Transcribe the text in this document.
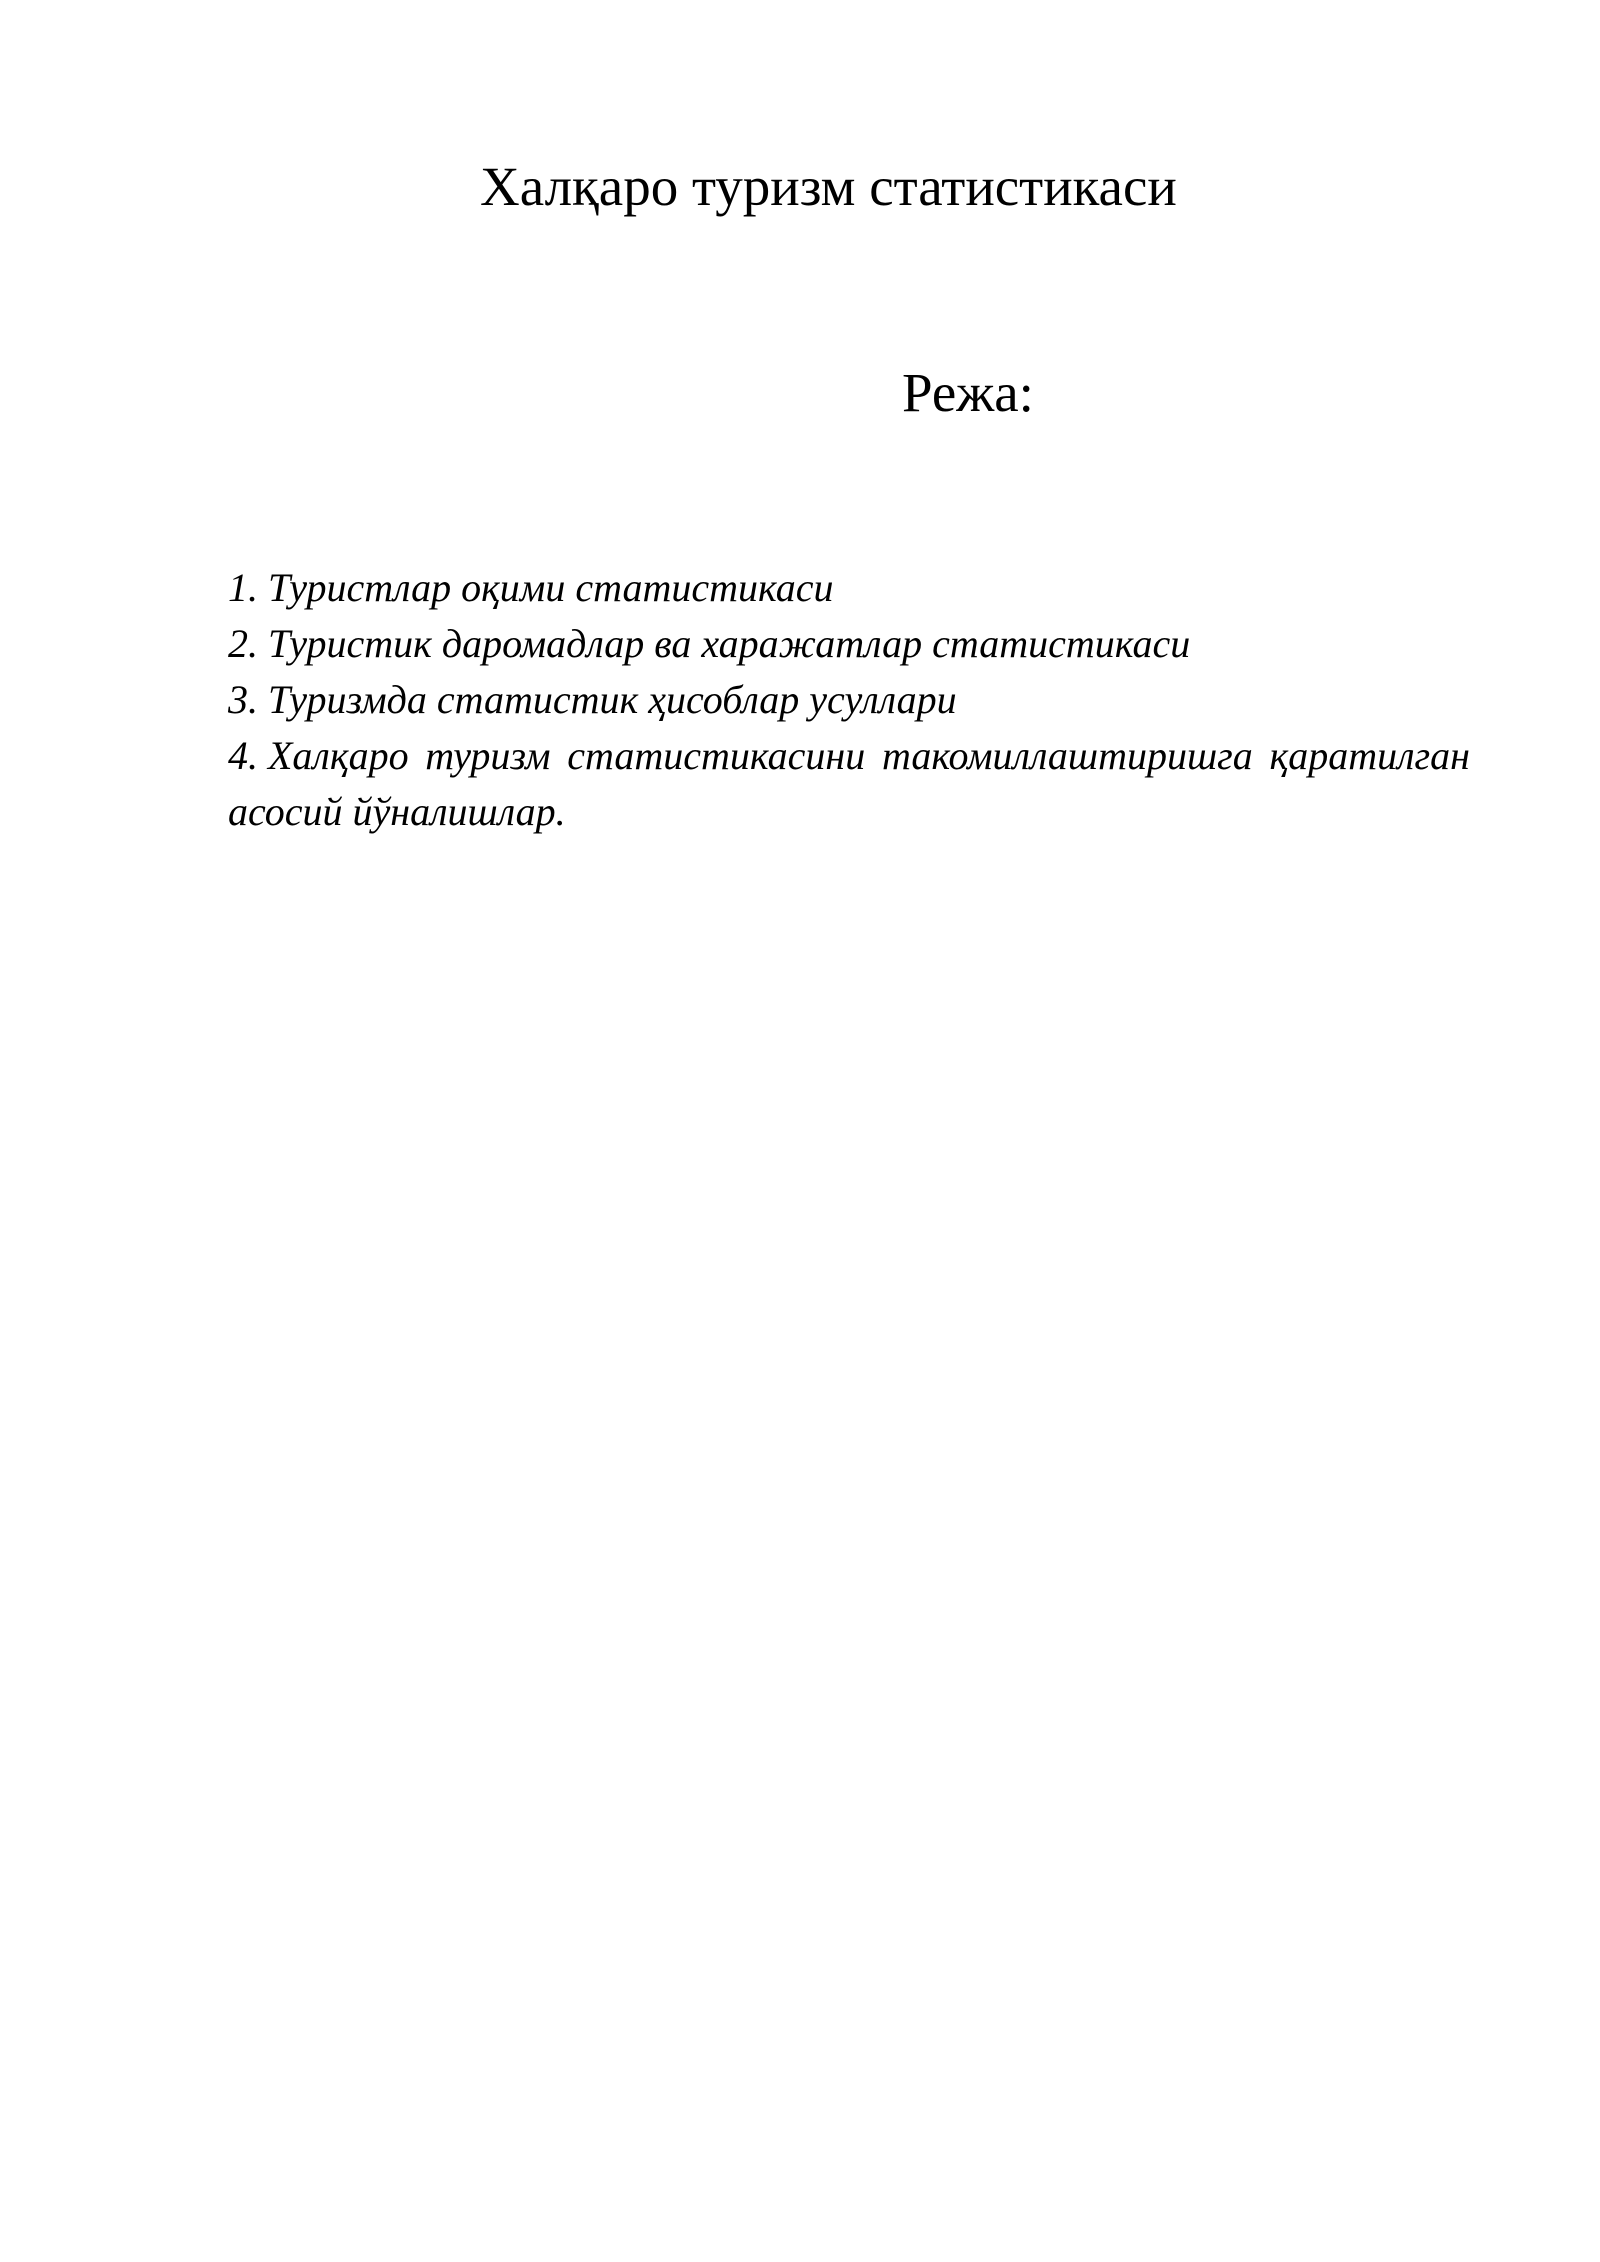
Халқаро туризм статистикаси
Режа:
1. Туристлар оқими статистикаси
2. Туристик даромадлар ва харажатлар статистикаси
3. Туризмда статистик ҳисоблар усуллари
4. Халқаро туризм статистикасини такомиллаштиришга қаратилган асосий йўналишлар.
